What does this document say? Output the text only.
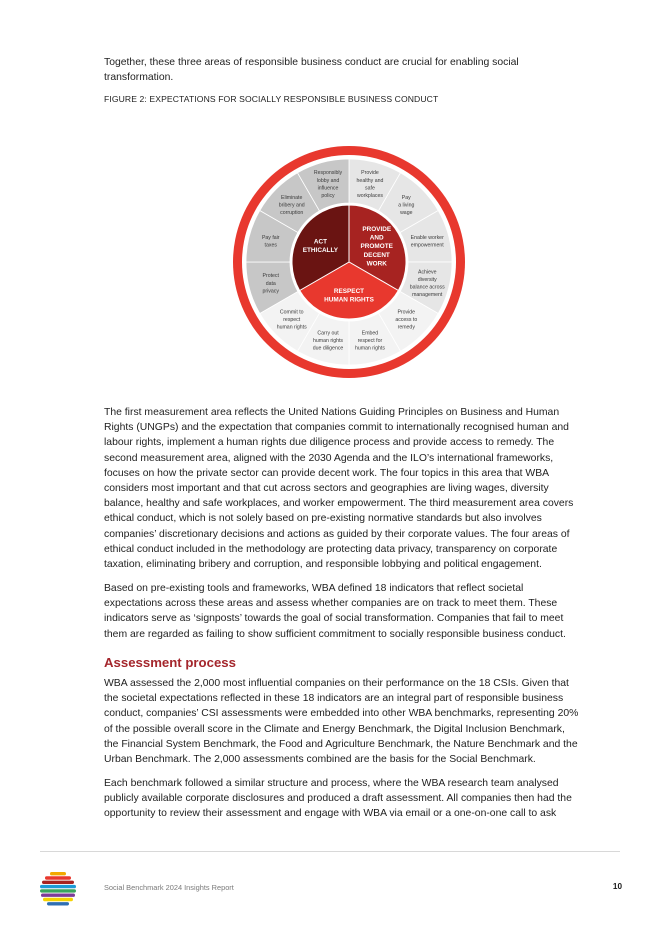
Together, these three areas of responsible business conduct are crucial for enabling social transformation.

FIGURE 2: EXPECTATIONS FOR SOCIALLY RESPONSIBLE BUSINESS CONDUCT

Provide healthy and safe workplaces	Pay a living wage
Enable worker empowerment
Achieve diversity balance across management
Provide access to remedy
Embed respect for human rights
Carry out human rights due diligence
Commit to respect human rights
Protect data privacy
Pay fair taxes
Eliminate bribery and corruption
Responsibly lobby and influence policy
PROVIDE AND PROMOTE DECENT WORK
RESPECT HUMAN RIGHTS
ACT ETHICALLY

The first measurement area reflects the United Nations Guiding Principles on Business and Human Rights (UNGPs) and the expectation that companies commit to internationally recognised human and labour rights, implement a human rights due diligence process and provide access to remedy. The second measurement area, aligned with the 2030 Agenda and the ILO’s international frameworks, focuses on how the private sector can provide decent work. The four topics in this area that WBA considers most important and that cut across sectors and geographies are living wages, diversity balance, healthy and safe workplaces, and worker empowerment. The third measurement area covers ethical conduct, which is not solely based on pre-existing normative standards but also involves companies’ discretionary decisions and actions as guided by their corporate values. The four areas of ethical conduct included in the methodology are protecting data privacy, transparency on corporate taxation, eliminating bribery and corruption, and responsible lobbying and political engagement.

Based on pre-existing tools and frameworks, WBA defined 18 indicators that reflect societal expectations across these areas and assess whether companies are on track to meet them. These indicators serve as ‘signposts’ towards the goal of social transformation. Companies that fail to meet them are regarded as failing to show sufficient commitment to socially responsible business conduct.

Assessment process

WBA assessed the 2,000 most influential companies on their performance on the 18 CSIs. Given that the societal expectations reflected in these 18 indicators are an integral part of responsible business conduct, companies’ CSI assessments were embedded into other WBA benchmarks, representing 20% of the possible overall score in the Climate and Energy Benchmark, the Digital Inclusion Benchmark, the Financial System Benchmark, the Food and Agriculture Benchmark, the Nature Benchmark and the Urban Benchmark. The 2,000 assessments combined are the basis for the Social Benchmark.

Each benchmark followed a similar structure and process, where the WBA research team analysed publicly available corporate disclosures and produced a draft assessment. All companies then had the opportunity to review their assessment and engage with WBA via email or a one-on-one call to ask

Social Benchmark 2024 Insights Report	10
